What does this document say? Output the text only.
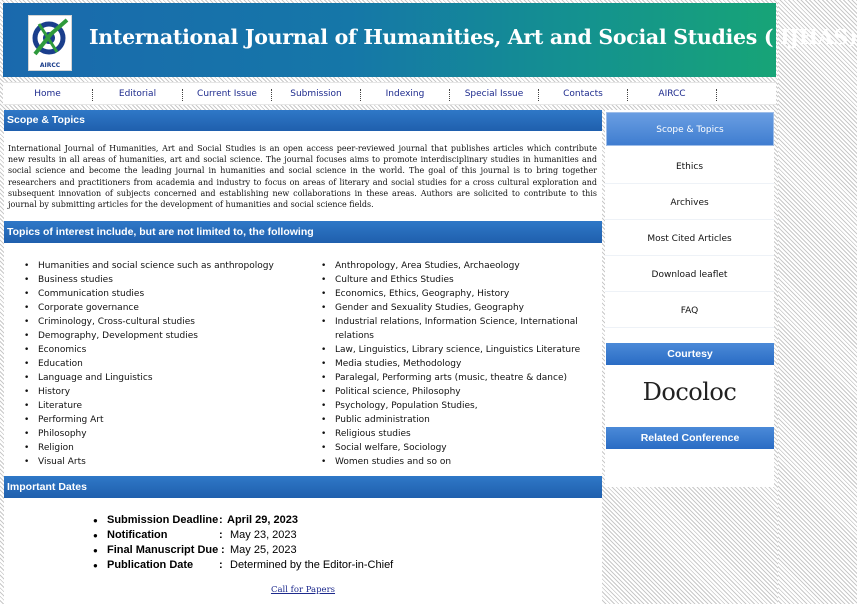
AIRCC
International Journal of Humanities, Art and Social Studies ( IJHAS)
Home	Editorial	Current Issue	Submission	Indexing	Special Issue	Contacts	AIRCC
Scope & Topics
International Journal of Humanities, Art and Social Studies is an open access peer-reviewed journal that publishes articles which contribute new results in all areas of humanities, art and social science. The journal focuses aims to promote interdisciplinary studies in humanities and social science and become the leading journal in humanities and social science in the world. The goal of this journal is to bring together researchers and practitioners from academia and industry to focus on areas of literary and social studies for a cross cultural exploration and subsequent innovation of subjects concerned and establishing new collaborations in these areas. Authors are solicited to contribute to this journal by submitting articles for the development of humanities and social science fields.
Topics of interest include, but are not limited to, the following
• Humanities and social science such as anthropology
• Business studies
• Communication studies
• Corporate governance
• Criminology, Cross-cultural studies
• Demography, Development studies
• Economics
• Education
• Language and Linguistics
• History
• Literature
• Performing Art
• Philosophy
• Religion
• Visual Arts
• Anthropology, Area Studies, Archaeology
• Culture and Ethics Studies
• Economics, Ethics, Geography, History
• Gender and Sexuality Studies, Geography
• Industrial relations, Information Science, International relations
• Law, Linguistics, Library science, Linguistics Literature
• Media studies, Methodology
• Paralegal, Performing arts (music, theatre & dance)
• Political science, Philosophy
• Psychology, Population Studies,
• Public administration
• Religious studies
• Social welfare, Sociology
• Women studies and so on
Important Dates
● Submission Deadline : April 29, 2023
● Notification	: May 23, 2023
● Final Manuscript Due : May 25, 2023
● Publication Date : Determined by the Editor-in-Chief
Call for Papers
Scope & Topics
Ethics
Archives
Most Cited Articles
Download leaflet
FAQ
Courtesy
Docoloc
Related Conference
